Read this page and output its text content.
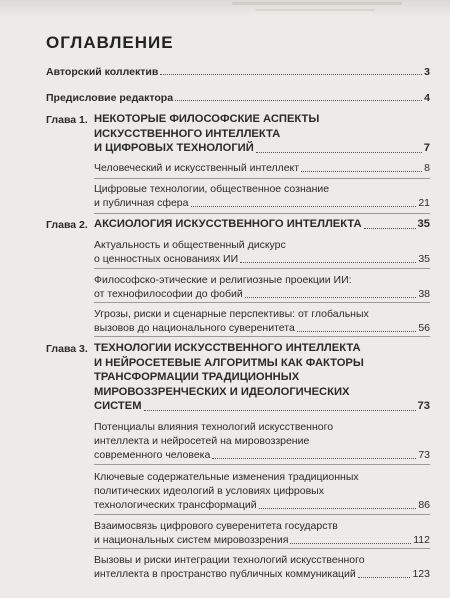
ОГЛАВЛЕНИЕ
Авторский коллектив	3
Предисловие редактора	4
Глава 1. НЕКОТОРЫЕ ФИЛОСОФСКИЕ АСПЕКТЫ
ИСКУССТВЕННОГО ИНТЕЛЛЕКТА
И ЦИФРОВЫХ ТЕХНОЛОГИЙ	7
Человеческий и искусственный интеллект	8
Цифровые технологии, общественное сознание
и публичная сфера	21
Глава 2. АКСИОЛОГИЯ ИСКУССТВЕННОГО ИНТЕЛЛЕКТА	35
Актуальность и общественный дискурс
о ценностных основаниях ИИ	35
Философско-этические и религиозные проекции ИИ:
от технофилософии до фобий	38
Угрозы, риски и сценарные перспективы: от глобальных
вызовов до национального суверенитета	56
Глава 3. ТЕХНОЛОГИИ ИСКУССТВЕННОГО ИНТЕЛЛЕКТА
И НЕЙРОСЕТЕВЫЕ АЛГОРИТМЫ КАК ФАКТОРЫ
ТРАНСФОРМАЦИИ ТРАДИЦИОННЫХ
МИРОВОЗЗРЕНЧЕСКИХ И ИДЕОЛОГИЧЕСКИХ
СИСТЕМ	73
Потенциалы влияния технологий искусственного
интеллекта и нейросетей на мировоззрение
современного человека	73
Ключевые содержательные изменения традиционных
политических идеологий в условиях цифровых
технологических трансформаций	86
Взаимосвязь цифрового суверенитета государств
и национальных систем мировоззрения	112
Вызовы и риски интеграции технологий искусственного
интеллекта в пространство публичных коммуникаций	123
